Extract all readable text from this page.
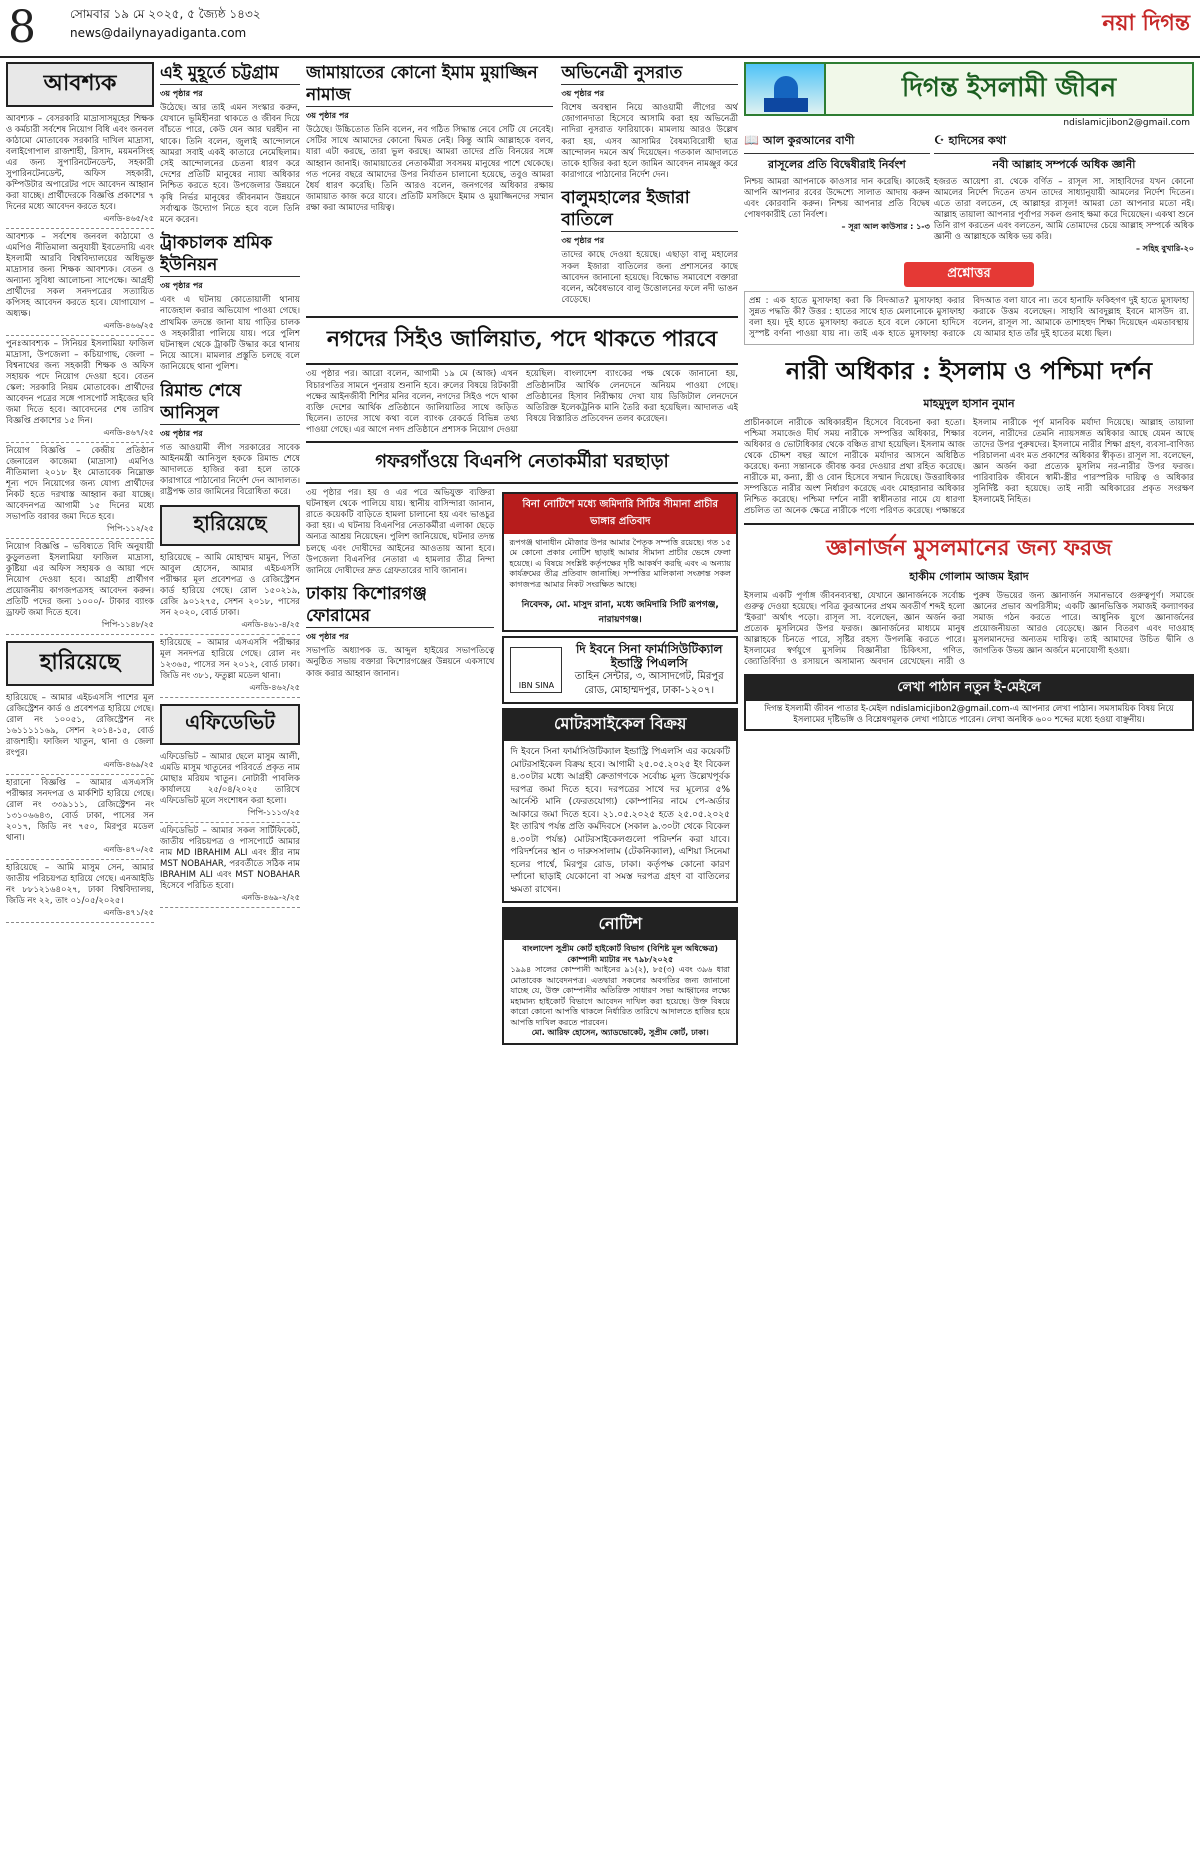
8	সোমবার ১৯ মে ২০২৫, ৫ জ্যৈষ্ঠ ১৪৩২
news@dailynayadiganta.com	নয়া দিগন্ত
আবশ্যক
আবশ্যক – বেসরকারি মাদ্রাসাসমূহের শিক্ষক ও কর্মচারী সর্বশেষ নিয়োগ বিধি এবং জনবল কাঠামো মোতাবেক সরকারি দাখিল মাদ্রাসা, বলাইগোপাল রাজশাহী, রিসাদ, ময়মনসিংহ এর জন্য সুপারিনটেনডেন্ট, সহকারী সুপারিনটেনডেন্ট, অফিস সহকারী, কম্পিউটার অপারেটর পদে আবেদন আহ্বান করা যাচ্ছে। প্রার্থীদেরকে বিজ্ঞপ্তি প্রকাশের ৭ দিনের মধ্যে আবেদন করতে হবে।
এনডি-৪৬৫/২৫
আবশ্যক – সর্বশেষ জনবল কাঠামো ও এমপিও নীতিমালা অনুযায়ী ইবতেদায়ি এবং ইসলামী আরবি বিশ্ববিদ্যালয়ের অধিভুক্ত মাদ্রাসার জন্য শিক্ষক আবশ্যক। বেতন ও অন্যান্য সুবিধা আলোচনা সাপেক্ষে। আগ্রহী প্রার্থীদের সকল সনদপত্রের সত্যায়িত কপিসহ আবেদন করতে হবে। যোগাযোগ – অধ্যক্ষ।
এনডি-৪৬৬/২৫
পুনঃআবশ্যক – সিনিয়র ইসলামিয়া ফাজিল মাদ্রাসা, উপজেলা – কচিয়াগাছ, জেলা – বিশ্বনাথের জন্য সহকারী শিক্ষক ও অফিস সহায়ক পদে নিয়োগ দেওয়া হবে। বেতন স্কেল: সরকারি নিয়ম মোতাবেক। প্রার্থীদের আবেদন পত্রের সঙ্গে পাসপোর্ট সাইজের ছবি জমা দিতে হবে। আবেদনের শেষ তারিখ বিজ্ঞপ্তি প্রকাশের ১৫ দিন।
এনডি-৪৬৭/২৫
নিয়োগ বিজ্ঞপ্তি – কেন্দ্রীয় প্রতিষ্ঠান জেনারেল কাজেমা (মাদ্রাসা) এমপিও নীতিমালা ২০১৮ ইং মোতাবেক নিম্নোক্ত শূন্য পদে নিয়োগের জন্য যোগ্য প্রার্থীদের নিকট হতে দরখাস্ত আহ্বান করা যাচ্ছে। আবেদনপত্র আগামী ১৫ দিনের মধ্যে সভাপতি বরাবর জমা দিতে হবে।
পিপি-১১২/২৫
নিয়োগ বিজ্ঞপ্তি – ভবিষ্যতে বিদি অনুযায়ী কুড়ুলতলা ইসলামিয়া ফাজিল মাদ্রাসা, কুষ্টিয়া এর অফিস সহায়ক ও আয়া পদে নিয়োগ দেওয়া হবে। আগ্রহী প্রার্থীগণ প্রয়োজনীয় কাগজপত্রসহ আবেদন করুন। প্রতিটি পদের জন্য ১০০০/- টাকার ব্যাংক ড্রাফট জমা দিতে হবে।
পিপি-১১৪৮/২৫
হারিয়েছে
হারিয়েছে – আমার এইচএসসি পাশের মূল রেজিস্ট্রেশন কার্ড ও প্রবেশপত্র হারিয়ে গেছে। রোল নং ১০০৫১, রেজিস্ট্রেশন নং ১৬১১১১১৬৯, সেশন ২০১৪-১৫, বোর্ড রাজশাহী। ফাজিল খাতুন, থানা ও জেলা রংপুর।
এনডি-৪৬৯/২৫
হারানো বিজ্ঞপ্তি – আমার এসএসসি পরীক্ষার সনদপত্র ও মার্কশিট হারিয়ে গেছে। রোল নং ৩৩৯১১১, রেজিস্ট্রেশন নং ১৩১০৬৬৪৩, বোর্ড ঢাকা, পাসের সন ২০১৭, জিডি নং ৭৫০, মিরপুর মডেল থানা।
এনডি-৪৭০/২৫
হারিয়েছে – আমি মাসুম সেন, আমার জাতীয় পরিচয়পত্র হারিয়ে গেছে। এনআইডি নং ৮৮১২১৬৪০২৭, ঢাকা বিশ্ববিদ্যালয়, জিডি নং ২২, তাং ০১/০৫/২০২৫।
এনডি-৪৭১/২৫
এই মুহূর্তে চট্টগ্রাম
৩য় পৃষ্ঠার পর
উঠেছে। আর তাই এমন সংস্কার করুন, যেখানে ভূমিহীনরা থাকতে ও জীবন দিয়ে বাঁচতে পারে, কেউ যেন আর ঘরহীন না থাকে। তিনি বলেন, জুলাই আন্দোলনে আমরা সবাই একই কাতারে নেমেছিলাম। সেই আন্দোলনের চেতনা ধারণ করে দেশের প্রতিটি মানুষের ন্যায্য অধিকার নিশ্চিত করতে হবে। উপজেলার উন্নয়নে কৃষি নির্ভর মানুষের জীবনমান উন্নয়নে সর্বাত্মক উদ্যোগ নিতে হবে বলে তিনি মনে করেন।
ট্রাকচালক শ্রমিক ইউনিয়ন
৩য় পৃষ্ঠার পর
এবং এ ঘটনায় কোতোয়ালী থানায় নাজেহাল করার অভিযোগ পাওয়া গেছে। প্রাথমিক তদন্তে জানা যায় গাড়ির চালক ও সহকারীরা পালিয়ে যায়। পরে পুলিশ ঘটনাস্থল থেকে ট্রাকটি উদ্ধার করে থানায় নিয়ে আসে। মামলার প্রস্তুতি চলছে বলে জানিয়েছে থানা পুলিশ।
রিমান্ড শেষে আনিসুল
৩য় পৃষ্ঠার পর
গত আওয়ামী লীগ সরকারের সাবেক আইনমন্ত্রী আনিসুল হককে রিমান্ড শেষে আদালতে হাজির করা হলে তাকে কারাগারে পাঠানোর নির্দেশ দেন আদালত। রাষ্ট্রপক্ষ তার জামিনের বিরোধিতা করে।
হারিয়েছে
হারিয়েছে – আমি মোহাম্মদ মামুন, পিতা আবুল হোসেন, আমার এইচএসসি পরীক্ষার মূল প্রবেশপত্র ও রেজিস্ট্রেশন কার্ড হারিয়ে গেছে। রোল ১৫০২১৯, রেজি ৯০১২৭৫, সেশন ২০১৮, পাসের সন ২০২০, বোর্ড ঢাকা।
এনডি-৪৬১-৪/২৫
হারিয়েছে – আমার এসএসসি পরীক্ষার মূল সনদপত্র হারিয়ে গেছে। রোল নং ১২৩৬৫, পাসের সন ২০১২, বোর্ড ঢাকা। জিডি নং ৩৮১, ফতুল্লা মডেল থানা।
এনডি-৪৬২/২৫
এফিডেভিট
এফিডেভিট – আমার ছেলে মাসুম আলী, এমডি মাসুম খাতুনের পরিবর্তে প্রকৃত নাম মোছাঃ মরিয়ম খাতুন। নোটারী পাবলিক কার্যালয়ে ২৫/০৪/২০২৫ তারিখে এফিডেভিট মূলে সংশোধন করা হলো।
পিপি-১১১৩/২৫
এফিডেভিট – আমার সকল সার্টিফিকেট, জাতীয় পরিচয়পত্র ও পাসপোর্টে আমার নাম MD IBRAHIM ALI এবং স্ত্রীর নাম MST NOBAHAR, পরবর্তীতে সঠিক নাম IBRAHIM ALI এবং MST NOBAHAR হিসেবে পরিচিত হবো।
এনডি-৪৬৯-২/২৫
জামায়াতের কোনো ইমাম মুয়াজ্জিন নামাজ
৩য় পৃষ্ঠার পর
উঠেছে। উচ্চিতোত তিনি বলেন, নব গঠিত সিদ্ধান্ত নেবে সেটি যে নেবেই। সেটির সাথে আমাদের কোনো দ্বিমত নেই। কিন্তু আমি আল্লাহকে বলব, যারা এটা করছে, তারা ভুল করছে। আমরা তাদের প্রতি বিনয়ের সঙ্গে আহ্বান জানাই। জামায়াতের নেতাকর্মীরা সবসময় মানুষের পাশে থেকেছে। গত পনের বছরে আমাদের উপর নির্যাতন চালানো হয়েছে, তবুও আমরা ধৈর্য ধারণ করেছি। তিনি আরও বলেন, জনগণের অধিকার রক্ষায় জামায়াত কাজ করে যাবে। প্রতিটি মসজিদে ইমাম ও মুয়াজ্জিনদের সম্মান রক্ষা করা আমাদের দায়িত্ব।
অভিনেত্রী নুসরাত
৩য় পৃষ্ঠার পর
বিশেষ অবস্থান নিয়ে আওয়ামী লীগের অর্থ জোগানদাতা হিসেবে আসামি করা হয় অভিনেত্রী নাদিরা নুসরাত ফারিয়াকে। মামলায় আরও উল্লেখ করা হয়, এসব আসামির বৈষম্যবিরোধী ছাত্র আন্দোলন দমনে অর্থ দিয়েছেন। গতকাল আদালতে তাকে হাজির করা হলে জামিন আবেদন নামঞ্জুর করে কারাগারে পাঠানোর নির্দেশ দেন।
বালুমহালের ইজারা বাতিলে
৩য় পৃষ্ঠার পর
তাদের কাছে দেওয়া হয়েছে। এছাড়া বালু মহালের সকল ইজারা বাতিলের জন্য প্রশাসনের কাছে আবেদন জানানো হয়েছে। বিক্ষোভ সমাবেশে বক্তারা বলেন, অবৈধভাবে বালু উত্তোলনের ফলে নদী ভাঙন বেড়েছে।
নগদের সিইও জালিয়াত, পদে থাকতে পারবে
৩য় পৃষ্ঠার পর। আরো বলেন, আগামী ১৯ মে (আজ) এখন বিচারপতির সামনে পুনরায় শুনানি হবে। রুলের বিষয়ে রিটকারী পক্ষের আইনজীবী শিশির মনির বলেন, নগদের সিইও পদে থাকা ব্যক্তি দেশের আর্থিক প্রতিষ্ঠানে জালিয়াতির সাথে জড়িত ছিলেন। তাদের সাথে কথা বলে ব্যাংক রেকর্ডে বিভিন্ন তথ্য পাওয়া গেছে। এর আগে নগদ প্রতিষ্ঠানে প্রশাসক নিয়োগ দেওয়া হয়েছিল। বাংলাদেশ ব্যাংকের পক্ষ থেকে জানানো হয়, প্রতিষ্ঠানটির আর্থিক লেনদেনে অনিয়ম পাওয়া গেছে। প্রতিষ্ঠানের হিসাব নিরীক্ষায় দেখা যায় ডিজিটাল লেনদেনে অতিরিক্ত ইলেকট্রনিক মানি তৈরি করা হয়েছিল। আদালত এই বিষয়ে বিস্তারিত প্রতিবেদন তলব করেছেন।
গফরগাঁওয়ে বিএনপি নেতাকর্মীরা ঘরছাড়া
৩য় পৃষ্ঠার পর। হয় ও এর পরে অভিযুক্ত ব্যক্তিরা ঘটনাস্থল থেকে পালিয়ে যায়। স্থানীয় বাসিন্দারা জানান, রাতে কয়েকটি বাড়িতে হামলা চালানো হয় এবং ভাঙচুর করা হয়। এ ঘটনায় বিএনপির নেতাকর্মীরা এলাকা ছেড়ে অন্যত্র আশ্রয় নিয়েছেন। পুলিশ জানিয়েছে, ঘটনার তদন্ত চলছে এবং দোষীদের আইনের আওতায় আনা হবে। উপজেলা বিএনপির নেতারা এ হামলার তীব্র নিন্দা জানিয়ে দোষীদের দ্রুত গ্রেফতারের দাবি জানান।
ঢাকায় কিশোরগঞ্জ ফোরামের
৩য় পৃষ্ঠার পর
সভাপতি অধ্যাপক ড. আব্দুল হাইয়ের সভাপতিত্বে অনুষ্ঠিত সভায় বক্তারা কিশোরগঞ্জের উন্নয়নে একসাথে কাজ করার আহ্বান জানান।
বিনা নোটিশে মধ্যে জমিদারি সিটির সীমানা প্রাচীর ভাঙ্গার প্রতিবাদ
রূপগঞ্জ থানাধীন মৌজার উপর আমার পৈতৃক সম্পত্তি রয়েছে। গত ১৫ মে কোনো প্রকার নোটিশ ছাড়াই আমার সীমানা প্রাচীর ভেঙ্গে ফেলা হয়েছে। এ বিষয়ে সংশ্লিষ্ট কর্তৃপক্ষের দৃষ্টি আকর্ষণ করছি এবং এ অন্যায় কার্যক্রমের তীব্র প্রতিবাদ জানাচ্ছি। সম্পত্তির মালিকানা সংক্রান্ত সকল কাগজপত্র আমার নিকট সংরক্ষিত আছে।
নিবেদক, মো. মাসুদ রানা, মধ্যে জমিদারি সিটি রূপগঞ্জ, নারায়ণগঞ্জ।
IBN SINA
দি ইবনে সিনা ফার্মাসিউটিক্যাল ইন্ডাস্ট্রি পিএলসি
তাহিন সেন্টার, ৩, আসাদগেট, মিরপুর রোড, মোহাম্মদপুর, ঢাকা-১২০৭।
মোটরসাইকেল বিক্রয়
দি ইবনে সিনা ফার্মাসিউটিক্যাল ইন্ডাস্ট্রি পিএলসি এর কয়েকটি মোটরসাইকেল বিক্রয় হবে। আগামী ২৫.০৫.২০২৫ ইং বিকেল ৪.৩০টার মধ্যে আগ্রহী ক্রেতাগণকে সর্বোচ্চ মূল্য উল্লেখপূর্বক দরপত্র জমা দিতে হবে। দরপত্রের সাথে দর মূল্যের ৫% আর্নেস্ট মানি (ফেরতযোগ্য) কোম্পানির নামে পে-অর্ডার আকারে জমা দিতে হবে। ২১.০৫.২০২৫ হতে ২৫.০৫.২০২৫ ইং তারিখ পর্যন্ত প্রতি কর্মদিবসে (সকাল ৯.৩০টা থেকে বিকেল ৪.৩০টা পর্যন্ত) মোটরসাইকেলগুলো পরিদর্শন করা যাবে। পরিদর্শনের স্থান ৩ দারুসসালাম (টেকনিক্যাল), এশিয়া সিনেমা হলের পার্শ্বে, মিরপুর রোড, ঢাকা। কর্তৃপক্ষ কোনো কারণ দর্শানো ছাড়াই যেকোনো বা সমস্ত দরপত্র গ্রহণ বা বাতিলের ক্ষমতা রাখেন।
নোটিশ
বাংলাদেশ সুপ্রীম কোর্ট হাইকোর্ট বিভাগ (বিশিষ্ট মূল অধিক্ষেত্র) কোম্পানী ম্যাটার নং ৭৯৮/২০২৫
১৯৯৪ সালের কোম্পানী আইনের ৯১(২), ৮৫(৩) এবং ৩৯৬ ধারা মোতাবেক আবেদনপত্র। এতদ্বারা সকলের অবগতির জন্য জানানো যাচ্ছে যে, উক্ত কোম্পানীর অতিরিক্ত সাধারণ সভা আহ্বানের লক্ষ্যে মহামান্য হাইকোর্ট বিভাগে আবেদন দাখিল করা হয়েছে। উক্ত বিষয়ে কারো কোনো আপত্তি থাকলে নির্ধারিত তারিখে আদালতে হাজির হয়ে আপত্তি দাখিল করতে পারবেন।
মো. আরিফ হোসেন, অ্যাডভোকেট, সুপ্রীম কোর্ট, ঢাকা।
দিগন্ত ইসলামী জীবন
ndislamicjibon2@gmail.com
📖 আল কুরআনের বাণী
রাসূলের প্রতি বিদ্বেষীরাই নির্বংশ
নিশ্চয় আমরা আপনাকে কাওসার দান করেছি। কাজেই আপনি আপনার রবের উদ্দেশ্যে সালাত আদায় করুন এবং কোরবানি করুন। নিশ্চয় আপনার প্রতি বিদ্বেষ পোষণকারীই তো নির্বংশ।
– সূরা আল কাউসার : ১-৩
☪ হাদিসের কথা
নবী আল্লাহ সম্পর্কে অধিক জ্ঞানী
হজরত আয়েশা রা. থেকে বর্ণিত – রাসূল সা. সাহাবিদের যখন কোনো আমলের নির্দেশ দিতেন তখন তাদের সাধ্যানুযায়ী আমলের নির্দেশ দিতেন। এতে তারা বলতেন, হে আল্লাহর রাসূল! আমরা তো আপনার মতো নই। আল্লাহ তায়ালা আপনার পূর্বাপর সকল গুনাহ ক্ষমা করে দিয়েছেন। একথা শুনে তিনি রাগ করতেন এবং বলতেন, আমি তোমাদের চেয়ে আল্লাহ সম্পর্কে অধিক জ্ঞানী ও আল্লাহকে অধিক ভয় করি।
– সহিহ বুখারি-২০
প্রশ্নোত্তর
প্রশ্ন : এক হাতে মুসাফাহা করা কি বিদআত? মুসাফাহা করার সুন্নত পদ্ধতি কী? উত্তর : হাতের সাথে হাত মেলানোকে মুসাফাহা বলা হয়। দুই হাতে মুসাফাহা করতে হবে বলে কোনো হাদিসে সুস্পষ্ট বর্ণনা পাওয়া যায় না। তাই এক হাতে মুসাফাহা করাকে বিদআত বলা যাবে না। তবে হানাফি ফকিহগণ দুই হাতে মুসাফাহা করাকে উত্তম বলেছেন। সাহাবি আবদুল্লাহ ইবনে মাসউদ রা. বলেন, রাসূল সা. আমাকে তাশাহহুদ শিক্ষা দিয়েছেন এমতাবস্থায় যে আমার হাত তাঁর দুই হাতের মধ্যে ছিল।
নারী অধিকার : ইসলাম ও পশ্চিমা দর্শন
মাহমুদুল হাসান নুমান
প্রাচীনকালে নারীকে অধিকারহীন হিসেবে বিবেচনা করা হতো। পশ্চিমা সমাজেও দীর্ঘ সময় নারীকে সম্পত্তির অধিকার, শিক্ষার অধিকার ও ভোটাধিকার থেকে বঞ্চিত রাখা হয়েছিল। ইসলাম আজ থেকে চৌদ্দশ বছর আগে নারীকে মর্যাদার আসনে অধিষ্ঠিত করেছে। কন্যা সন্তানকে জীবন্ত কবর দেওয়ার প্রথা রহিত করেছে। নারীকে মা, কন্যা, স্ত্রী ও বোন হিসেবে সম্মান দিয়েছে। উত্তরাধিকার সম্পত্তিতে নারীর অংশ নির্ধারণ করেছে এবং মোহরানার অধিকার নিশ্চিত করেছে। পশ্চিমা দর্শনে নারী স্বাধীনতার নামে যে ধারণা প্রচলিত তা অনেক ক্ষেত্রে নারীকে পণ্যে পরিণত করেছে। পক্ষান্তরে ইসলাম নারীকে পূর্ণ মানবিক মর্যাদা দিয়েছে। আল্লাহ তায়ালা বলেন, নারীদের তেমনি ন্যায়সঙ্গত অধিকার আছে যেমন আছে তাদের উপর পুরুষদের। ইসলামে নারীর শিক্ষা গ্রহণ, ব্যবসা-বাণিজ্য পরিচালনা এবং মত প্রকাশের অধিকার স্বীকৃত। রাসূল সা. বলেছেন, জ্ঞান অর্জন করা প্রত্যেক মুসলিম নর-নারীর উপর ফরজ। পারিবারিক জীবনে স্বামী-স্ত্রীর পারস্পরিক দায়িত্ব ও অধিকার সুনির্দিষ্ট করা হয়েছে। তাই নারী অধিকারের প্রকৃত সংরক্ষণ ইসলামেই নিহিত।
জ্ঞানার্জন মুসলমানের জন্য ফরজ
হাকীম গোলাম আজম ইরাদ
ইসলাম একটি পূর্ণাঙ্গ জীবনব্যবস্থা, যেখানে জ্ঞানার্জনকে সর্বোচ্চ গুরুত্ব দেওয়া হয়েছে। পবিত্র কুরআনের প্রথম অবতীর্ণ শব্দই হলো 'ইকরা' অর্থাৎ পড়ো। রাসূল সা. বলেছেন, জ্ঞান অর্জন করা প্রত্যেক মুসলিমের উপর ফরজ। জ্ঞানার্জনের মাধ্যমে মানুষ আল্লাহকে চিনতে পারে, সৃষ্টির রহস্য উপলব্ধি করতে পারে। ইসলামের স্বর্ণযুগে মুসলিম বিজ্ঞানীরা চিকিৎসা, গণিত, জ্যোতির্বিদ্যা ও রসায়নে অসামান্য অবদান রেখেছেন। নারী ও পুরুষ উভয়ের জন্য জ্ঞানার্জন সমানভাবে গুরুত্বপূর্ণ। সমাজে জ্ঞানের প্রভাব অপরিসীম; একটি জ্ঞানভিত্তিক সমাজই কল্যাণকর সমাজ গঠন করতে পারে। আধুনিক যুগে জ্ঞানার্জনের প্রয়োজনীয়তা আরও বেড়েছে। জ্ঞান বিতরণ এবং দাওয়াহ মুসলমানদের অন্যতম দায়িত্ব। তাই আমাদের উচিত দ্বীনি ও জাগতিক উভয় জ্ঞান অর্জনে মনোযোগী হওয়া।
লেখা পাঠান নতুন ই-মেইলে
দিগন্ত ইসলামী জীবন পাতার ই-মেইল ndislamicjibon2@gmail.com-এ আপনার লেখা পাঠান। সমসাময়িক বিষয় নিয়ে ইসলামের দৃষ্টিভঙ্গি ও বিশ্লেষণমূলক লেখা পাঠাতে পারেন। লেখা অনধিক ৬০০ শব্দের মধ্যে হওয়া বাঞ্ছনীয়।
